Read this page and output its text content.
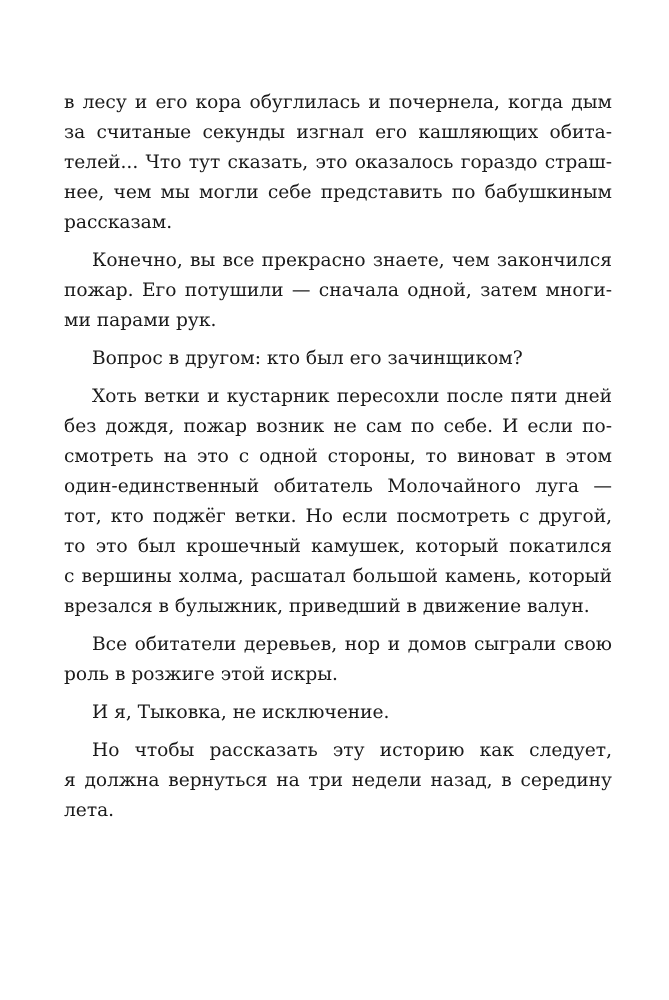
в лесу и его кора обуглилась и почернела, когда дым
за считаные секунды изгнал его кашляющих обита-
телей... Что тут сказать, это оказалось гораздо страш-
нее, чем мы могли себе представить по бабушкиным
рассказам.
Конечно, вы все прекрасно знаете, чем закончился
пожар. Его потушили — сначала одной, затем многи-
ми парами рук.
Вопрос в другом: кто был его зачинщиком?
Хоть ветки и кустарник пересохли после пяти дней
без дождя, пожар возник не сам по себе. И если по-
смотреть на это с одной стороны, то виноват в этом
один-единственный обитатель Молочайного луга —
тот, кто поджёг ветки. Но если посмотреть с другой,
то это был крошечный камушек, который покатился
с вершины холма, расшатал большой камень, который
врезался в булыжник, приведший в движение валун.
Все обитатели деревьев, нор и домов сыграли свою
роль в розжиге этой искры.
И я, Тыковка, не исключение.
Но чтобы рассказать эту историю как следует,
я должна вернуться на три недели назад, в середину
лета.
